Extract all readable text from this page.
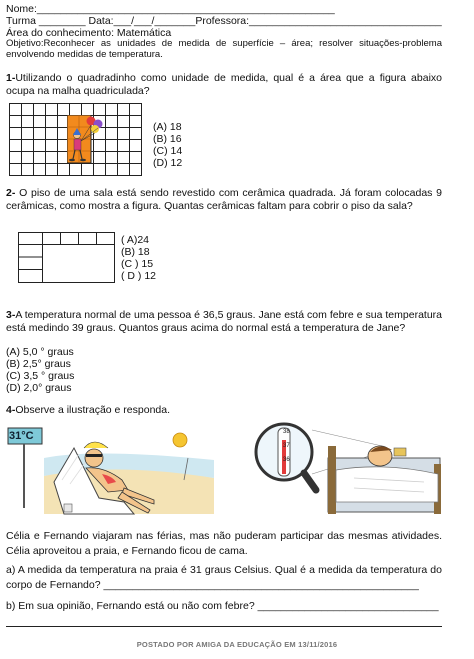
Nome:___________________________________________________
Turma ________ Data:___/___/_______Professora:_________________________________
Área do conhecimento: Matemática
Objetivo:Reconhecer as unidades de medida de superfície – área; resolver situações-problema envolvendo medidas de temperatura.
1-Utilizando o quadradinho como unidade de medida, qual é a área que a figura abaixo ocupa na malha quadriculada?

(A) 18
(B) 16
(C) 14
(D) 12
2- O piso de uma sala está sendo revestido com cerâmica quadrada. Já foram colocadas 9 cerâmicas, como mostra a figura. Quantas cerâmicas faltam para cobrir o piso da sala?
( A)24
(B) 18
(C ) 15
( D ) 12
3-A temperatura normal de uma pessoa é 36,5 graus. Jane está com febre e sua temperatura está medindo 39 graus. Quantos graus acima do normal está a temperatura de Jane?
(A) 5,0 ° graus
(B) 2,5° graus
(C) 3,5 ° graus
(D) 2,0° graus
4-Observe a ilustração e responda.
31°C	38
37
36
Célia e Fernando viajaram nas férias, mas não puderam participar das mesmas atividades. Célia aproveitou a praia, e Fernando ficou de cama.
a) A medida da temperatura na praia é 31 graus Celsius. Qual é a medida da temperatura do corpo de Fernando? ______________________________________________________
b) Em sua opinião, Fernando está ou não com febre? _______________________________
POSTADO POR AMIGA DA EDUCAÇÃO EM 13/11/2016
